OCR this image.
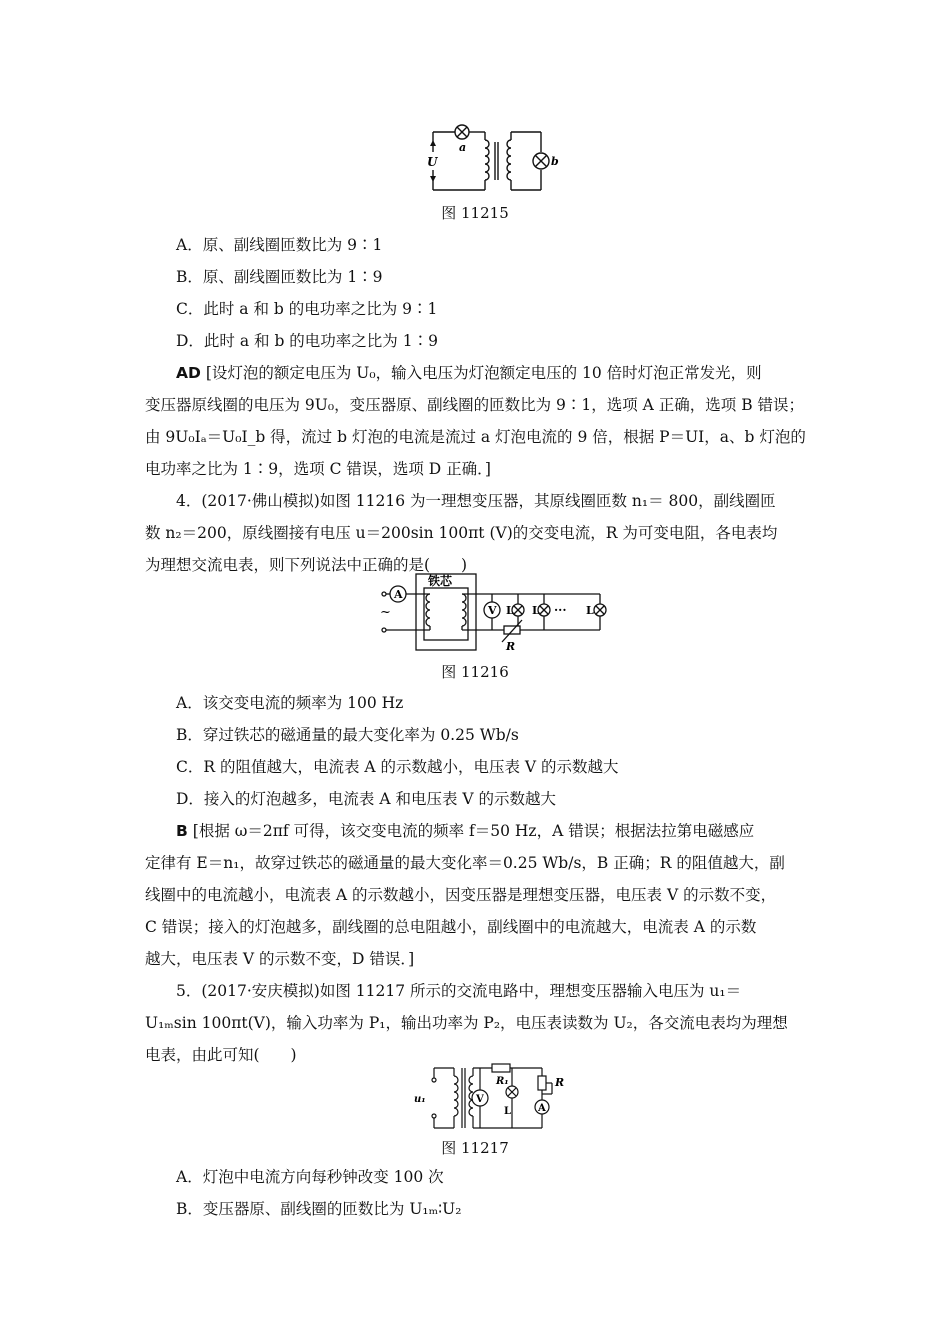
U
a
b
图 11215
A．原、副线圈匝数比为 9∶1
B．原、副线圈匝数比为 1∶9
C．此时 a 和 b 的电功率之比为 9∶1
D．此时 a 和 b 的电功率之比为 1∶9
AD [设灯泡的额定电压为 U₀，输入电压为灯泡额定电压的 10 倍时灯泡正常发光，则
变压器原线圈的电压为 9U₀，变压器原、副线圈的匝数比为 9∶1，选项 A 正确，选项 B 错误；
由 9U₀Iₐ＝U₀I_b 得，流过 b 灯泡的电流是流过 a 灯泡电流的 9 倍，根据 P＝UI，a、b 灯泡的
电功率之比为 1∶9，选项 C 错误，选项 D 正确．]
4．(2017·佛山模拟)如图 11216 为一理想变压器，其原线圈匝数 n₁＝ 800，副线圈匝
数 n₂＝200，原线圈接有电压 u＝200sin 100πt (V)的交变电流，R 为可变电阻，各电表均
为理想交流电表，则下列说法中正确的是(　　)
铁芯
A
V L L ··· L
R
~
图 11216
A．该交变电流的频率为 100 Hz
B．穿过铁芯的磁通量的最大变化率为 0.25 Wb/s
C．R 的阻值越大，电流表 A 的示数越小，电压表 V 的示数越大
D．接入的灯泡越多，电流表 A 和电压表 V 的示数越大
B [根据 ω＝2πf 可得，该交变电流的频率 f＝50 Hz，A 错误；根据法拉第电磁感应
定律有 E＝n₁，故穿过铁芯的磁通量的最大变化率＝0.25 Wb/s，B 正确；R 的阻值越大，副
线圈中的电流越小，电流表 A 的示数越小，因变压器是理想变压器，电压表 V 的示数不变，
C 错误；接入的灯泡越多，副线圈的总电阻越小，副线圈中的电流越大，电流表 A 的示数
越大，电压表 V 的示数不变，D 错误．]
5．(2017·安庆模拟)如图 11217 所示的交流电路中，理想变压器输入电压为 u₁＝
U₁ₘsin 100πt(V)，输入功率为 P₁，输出功率为 P₂，电压表读数为 U₂，各交流电表均为理想
电表，由此可知(　　)
u₁
R₁
V
L
R
A
图 11217
A．灯泡中电流方向每秒钟改变 100 次
B．变压器原、副线圈的匝数比为 U₁ₘ∶U₂
